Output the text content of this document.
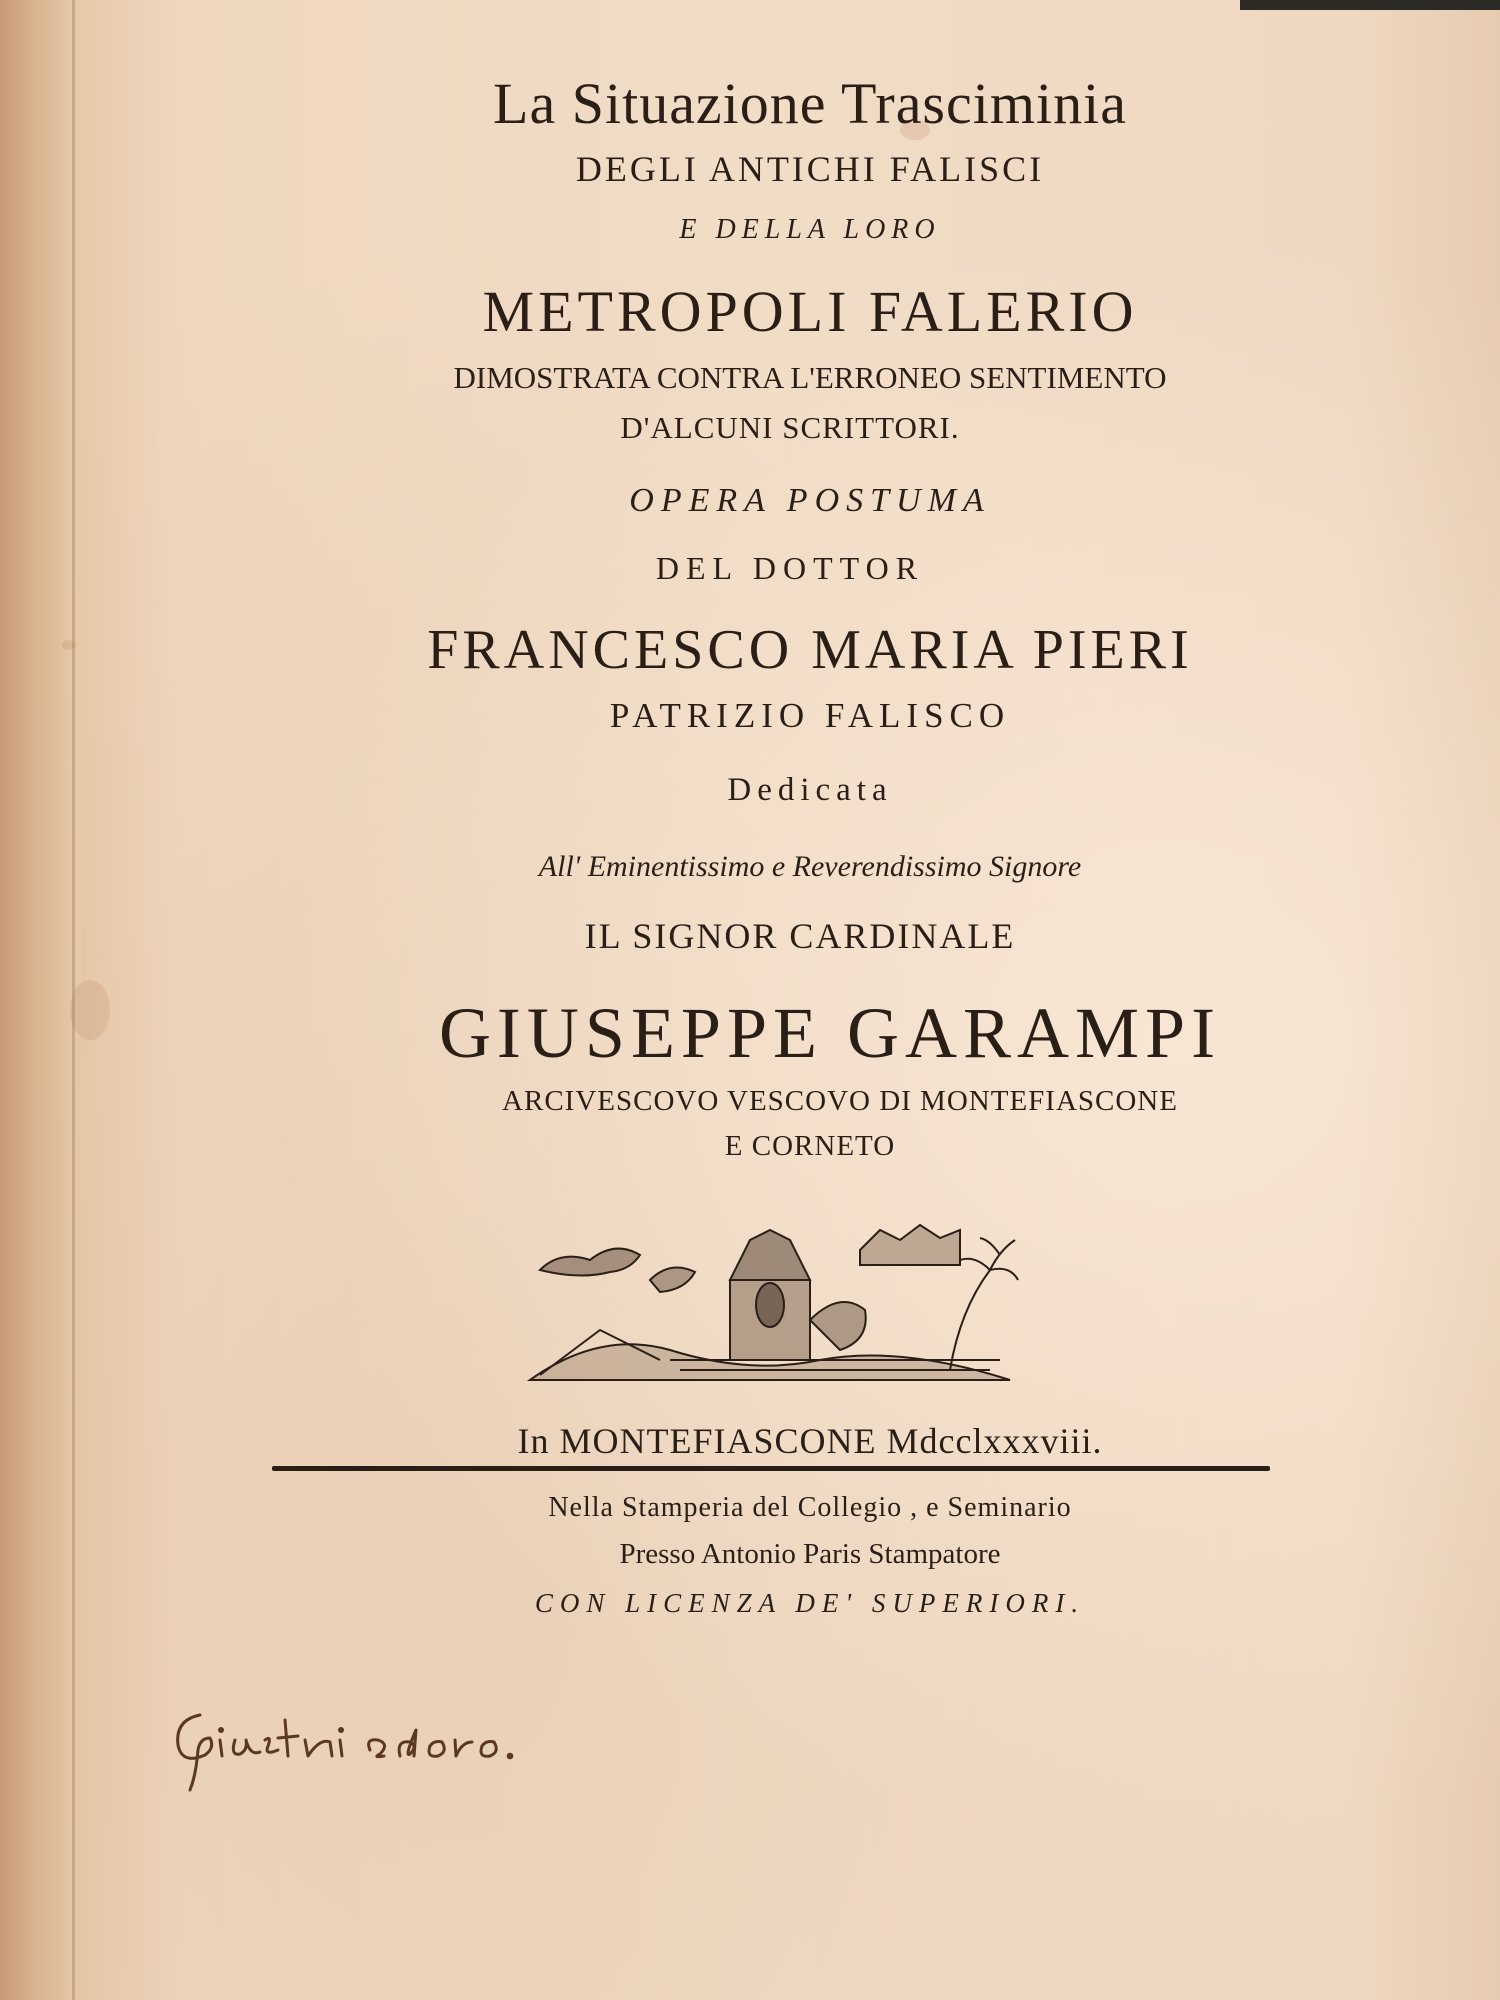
La Situazione Trasciminia
DEGLI ANTICHI FALISCI
E DELLA LORO
METROPOLI FALERIO
DIMOSTRATA CONTRA L'ERRONEO SENTIMENTO
D'ALCUNI SCRITTORI.
OPERA POSTUMA
DEL DOTTOR
FRANCESCO MARIA PIERI
PATRIZIO FALISCO
Dedicata
All' Eminentissimo e Reverendissimo Signore
IL SIGNOR CARDINALE
GIUSEPPE GARAMPI
ARCIVESCOVO VESCOVO DI MONTEFIASCONE
E CORNETO
In MONTEFIASCONE Mdcclxxxviii.
Nella Stamperia del Collegio , e Seminario
Presso Antonio Paris Stampatore
CON LICENZA DE' SUPERIORI.
